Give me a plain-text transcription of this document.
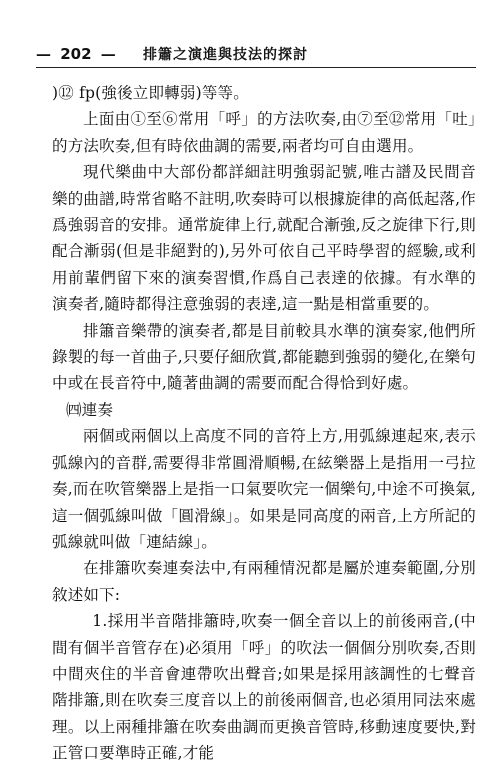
— 202 — 排簫之演進與技法的探討

)⑫ fp(強後立即轉弱)等等。

上面由①至⑥常用「呼」的方法吹奏,由⑦至⑫常用「吐」的方法吹奏,但有時依曲調的需要,兩者均可自由選用。

現代樂曲中大部份都詳細註明強弱記號,唯古譜及民間音樂的曲譜,時常省略不註明,吹奏時可以根據旋律的高低起落,作爲強弱音的安排。通常旋律上行,就配合漸強,反之旋律下行,則配合漸弱(但是非絕對的),另外可依自己平時學習的經驗,或利用前輩們留下來的演奏習慣,作爲自己表達的依據。有水準的演奏者,隨時都得注意強弱的表達,這一點是相當重要的。

排簫音樂帶的演奏者,都是目前較具水準的演奏家,他們所錄製的每一首曲子,只要仔細欣賞,都能聽到強弱的變化,在樂句中或在長音符中,隨著曲調的需要而配合得恰到好處。

㈣連奏

兩個或兩個以上高度不同的音符上方,用弧線連起來,表示弧線內的音群,需要得非常圓滑順暢,在絃樂器上是指用一弓拉奏,而在吹管樂器上是指一口氣要吹完一個樂句,中途不可換氣,這一個弧線叫做「圓滑線」。如果是同高度的兩音,上方所記的弧線就叫做「連結線」。

在排簫吹奏連奏法中,有兩種情況都是屬於連奏範圍,分別敘述如下:

1.採用半音階排簫時,吹奏一個全音以上的前後兩音,(中間有個半音管存在)必須用「呼」的吹法一個個分別吹奏,否則中間夾住的半音會連帶吹出聲音;如果是採用該調性的七聲音階排簫,則在吹奏三度音以上的前後兩個音,也必須用同法來處理。以上兩種排簫在吹奏曲調而更換音管時,移動速度要快,對正管口要準時正確,才能
